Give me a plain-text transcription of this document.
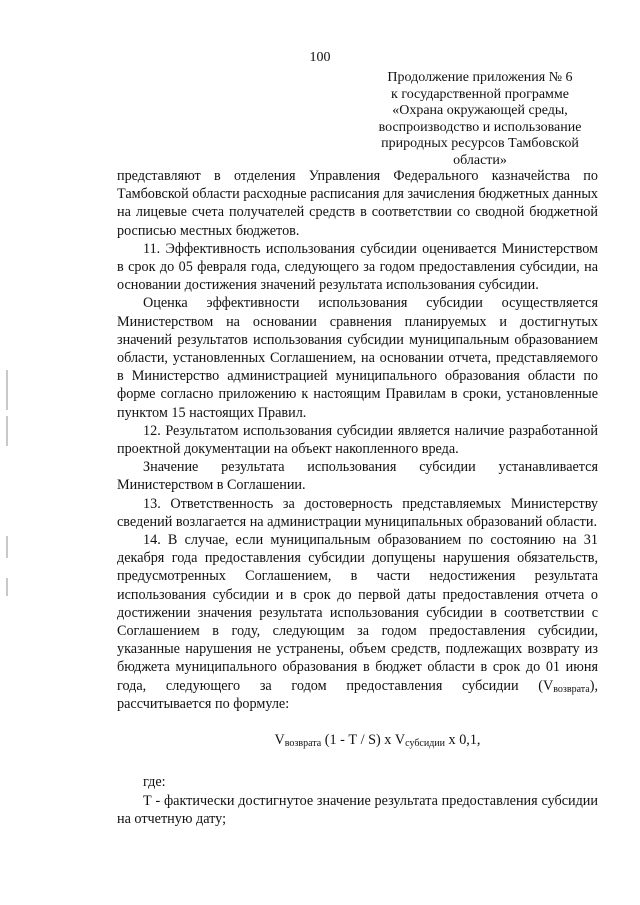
100
Продолжение приложения № 6
к государственной программе
«Охрана окружающей среды,
воспроизводство и использование
природных ресурсов Тамбовской
области»

представляют в отделения Управления Федерального казначейства по Тамбовской области расходные расписания для зачисления бюджетных данных на лицевые счета получателей средств в соответствии со сводной бюджетной росписью местных бюджетов.

11. Эффективность использования субсидии оценивается Министерством в срок до 05 февраля года, следующего за годом предоставления субсидии, на основании достижения значений результата использования субсидии.

Оценка эффективности использования субсидии осуществляется Министерством на основании сравнения планируемых и достигнутых значений результатов использования субсидии муниципальным образованием области, установленных Соглашением, на основании отчета, представляемого в Министерство администрацией муниципального образования области по форме согласно приложению к настоящим Правилам в сроки, установленные пунктом 15 настоящих Правил.

12. Результатом использования субсидии является наличие разработанной проектной документации на объект накопленного вреда.

Значение результата использования субсидии устанавливается Министерством в Соглашении.

13. Ответственность за достоверность представляемых Министерству сведений возлагается на администрации муниципальных образований области.

14. В случае, если муниципальным образованием по состоянию на 31 декабря года предоставления субсидии допущены нарушения обязательств, предусмотренных Соглашением, в части недостижения результата использования субсидии и в срок до первой даты предоставления отчета о достижении значения результата использования субсидии в соответствии с Соглашением в году, следующим за годом предоставления субсидии, указанные нарушения не устранены, объем средств, подлежащих возврату из бюджета муниципального образования в бюджет области в срок до 01 июня года, следующего за годом предоставления субсидии $(V_{возврата})$, рассчитывается по формуле:

$V_{возврата}$ (1 - Т / S) х $V_{субсидии}$ х 0,1,

где:

Т - фактически достигнутое значение результата предоставления субсидии на отчетную дату;
